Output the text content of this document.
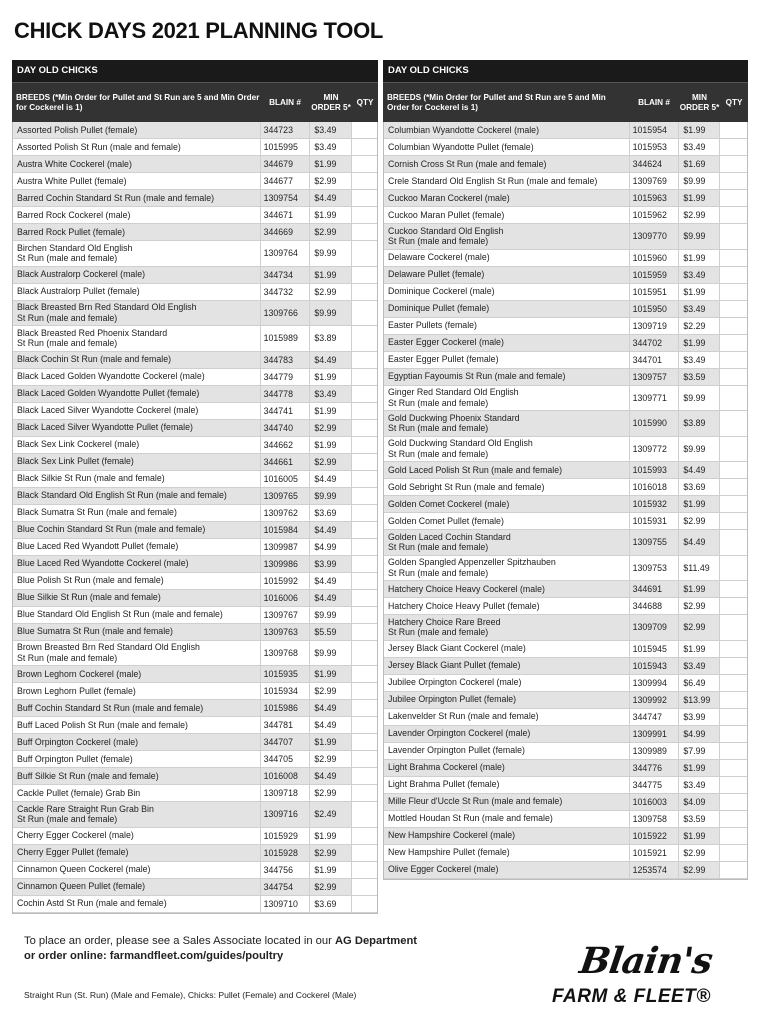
CHICK DAYS 2021 PLANNING TOOL
DAY OLD CHICKS
BREEDS (*Min Order for Pullet and St Run are 5 and Min Order for Cockerel is 1)
BLAIN #
MIN ORDER 5*
QTY
Assorted Polish Pullet (female)	344723	$3.49
Assorted Polish St Run (male and female)	1015995	$3.49
Austra White Cockerel (male)	344679	$1.99
Austra White Pullet (female)	344677	$2.99
Barred Cochin Standard St Run (male and female)	1309754	$4.49
Barred Rock Cockerel (male)	344671	$1.99
Barred Rock Pullet (female)	344669	$2.99
Birchen Standard Old English
St Run (male and female)	1309764	$9.99
Black Australorp Cockerel (male)	344734	$1.99
Black Australorp Pullet (female)	344732	$2.99
Black Breasted Brn Red Standard Old English
St Run (male and female)	1309766	$9.99
Black Breasted Red Phoenix Standard
St Run (male and female)	1015989	$3.89
Black Cochin St Run (male and female)	344783	$4.49
Black Laced Golden Wyandotte Cockerel (male)	344779	$1.99
Black Laced Golden Wyandotte Pullet (female)	344778	$3.49
Black Laced Silver Wyandotte Cockerel (male)	344741	$1.99
Black Laced Silver Wyandotte Pullet (female)	344740	$2.99
Black Sex Link Cockerel (male)	344662	$1.99
Black Sex Link Pullet (female)	344661	$2.99
Black Silkie St Run (male and female)	1016005	$4.49
Black Standard Old English St Run (male and female)	1309765	$9.99
Black Sumatra St Run (male and female)	1309762	$3.69
Blue Cochin Standard St Run (male and female)	1015984	$4.49
Blue Laced Red Wyandott Pullet (female)	1309987	$4.99
Blue Laced Red Wyandotte Cockerel (male)	1309986	$3.99
Blue Polish St Run (male and female)	1015992	$4.49
Blue Silkie St Run (male and female)	1016006	$4.49
Blue Standard Old English St Run (male and female)	1309767	$9.99
Blue Sumatra St Run (male and female)	1309763	$5.59
Brown Breasted Brn Red Standard Old English
St Run (male and female)	1309768	$9.99
Brown Leghorn Cockerel (male)	1015935	$1.99
Brown Leghorn Pullet (female)	1015934	$2.99
Buff Cochin Standard St Run (male and female)	1015986	$4.49
Buff Laced Polish St Run (male and female)	344781	$4.49
Buff Orpington Cockerel (male)	344707	$1.99
Buff Orpington Pullet (female)	344705	$2.99
Buff Silkie St Run (male and female)	1016008	$4.49
Cackle Pullet (female) Grab Bin	1309718	$2.99
Cackle Rare Straight Run Grab Bin
St Run (male and female)	1309716	$2.49
Cherry Egger Cockerel (male)	1015929	$1.99
Cherry Egger Pullet (female)	1015928	$2.99
Cinnamon Queen Cockerel (male)	344756	$1.99
Cinnamon Queen Pullet (female)	344754	$2.99
Cochin Astd St Run (male and female)	1309710	$3.69
DAY OLD CHICKS
BREEDS (*Min Order for Pullet and St Run are 5 and Min Order for Cockerel is 1)
BLAIN #
MIN ORDER 5*
QTY
Columbian Wyandotte Cockerel (male)	1015954	$1.99
Columbian Wyandotte Pullet (female)	1015953	$3.49
Cornish Cross St Run (male and female)	344624	$1.69
Crele Standard Old English St Run (male and female)	1309769	$9.99
Cuckoo Maran Cockerel (male)	1015963	$1.99
Cuckoo Maran Pullet (female)	1015962	$2.99
Cuckoo Standard Old English
St Run (male and female)	1309770	$9.99
Delaware Cockerel (male)	1015960	$1.99
Delaware Pullet (female)	1015959	$3.49
Dominique Cockerel (male)	1015951	$1.99
Dominique Pullet (female)	1015950	$3.49
Easter Pullets (female)	1309719	$2.29
Easter Egger Cockerel (male)	344702	$1.99
Easter Egger Pullet (female)	344701	$3.49
Egyptian Fayoumis St Run (male and female)	1309757	$3.59
Ginger Red Standard Old English
St Run (male and female)	1309771	$9.99
Gold Duckwing Phoenix Standard
St Run (male and female)	1015990	$3.89
Gold Duckwing Standard Old English
St Run (male and female)	1309772	$9.99
Gold Laced Polish St Run (male and female)	1015993	$4.49
Gold Sebright St Run (male and female)	1016018	$3.69
Golden Comet Cockerel (male)	1015932	$1.99
Golden Comet Pullet (female)	1015931	$2.99
Golden Laced Cochin Standard
St Run (male and female)	1309755	$4.49
Golden Spangled Appenzeller Spitzhauben
St Run (male and female)	1309753	$11.49
Hatchery Choice Heavy Cockerel (male)	344691	$1.99
Hatchery Choice Heavy Pullet (female)	344688	$2.99
Hatchery Choice Rare Breed
St Run (male and female)	1309709	$2.99
Jersey Black Giant Cockerel (male)	1015945	$1.99
Jersey Black Giant Pullet (female)	1015943	$3.49
Jubilee Orpington Cockerel (male)	1309994	$6.49
Jubilee Orpington Pullet (female)	1309992	$13.99
Lakenvelder St Run (male and female)	344747	$3.99
Lavender Orpington Cockerel (male)	1309991	$4.99
Lavender Orpington Pullet (female)	1309989	$7.99
Light Brahma Cockerel (male)	344776	$1.99
Light Brahma Pullet (female)	344775	$3.49
Mille Fleur d'Uccle St Run (male and female)	1016003	$4.09
Mottled Houdan St Run (male and female)	1309758	$3.59
New Hampshire Cockerel (male)	1015922	$1.99
New Hampshire Pullet (female)	1015921	$2.99
Olive Egger Cockerel (male)	1253574	$2.99
To place an order, please see a Sales Associate located in our AG Department
or order online: farmandfleet.com/guides/poultry
Straight Run (St. Run) (Male and Female), Chicks: Pullet (Female) and Cockerel (Male)
Blain's
FARM & FLEET®
